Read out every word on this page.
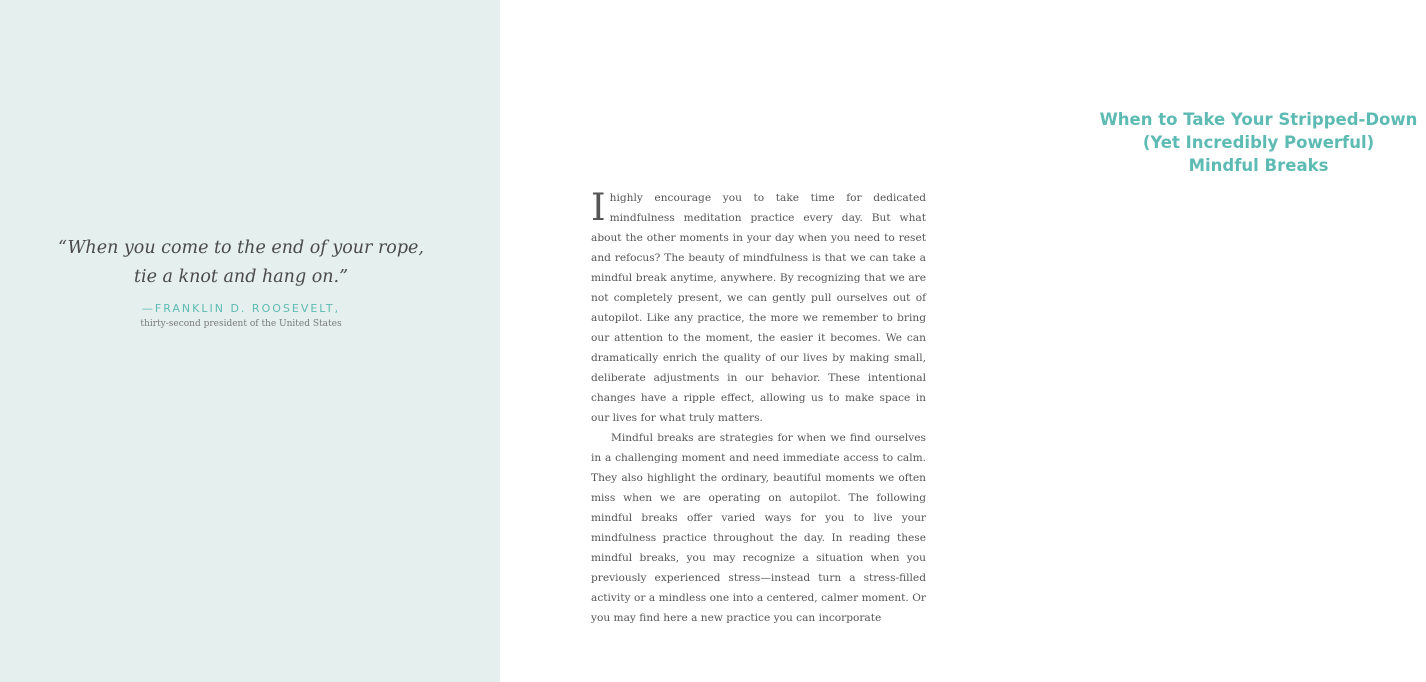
“When you come to the end of your rope,
tie a knot and hang on.”

—FRANKLIN D. ROOSEVELT,
thirty-second president of the United States
When to Take Your Stripped-Down
(Yet Incredibly Powerful)
Mindful Breaks

I highly encourage you to take time for dedicated mindfulness meditation practice every day. But what about the other moments in your day when you need to reset and refocus? The beauty of mindfulness is that we can take a mindful break anytime, anywhere. By recognizing that we are not completely present, we can gently pull ourselves out of autopilot. Like any practice, the more we remember to bring our attention to the moment, the easier it becomes. We can dramatically enrich the quality of our lives by making small, deliberate adjustments in our behavior. These intentional changes have a ripple effect, allowing us to make space in our lives for what truly matters.

Mindful breaks are strategies for when we find ourselves in a challenging moment and need immediate access to calm. They also highlight the ordinary, beautiful moments we often miss when we are operating on autopilot. The following mindful breaks offer varied ways for you to live your mindfulness practice throughout the day. In reading these mindful breaks, you may recognize a situation when you previously experienced stress—instead turn a stress-filled activity or a mindless one into a centered, calmer moment. Or you may find here a new practice you can incorporate
